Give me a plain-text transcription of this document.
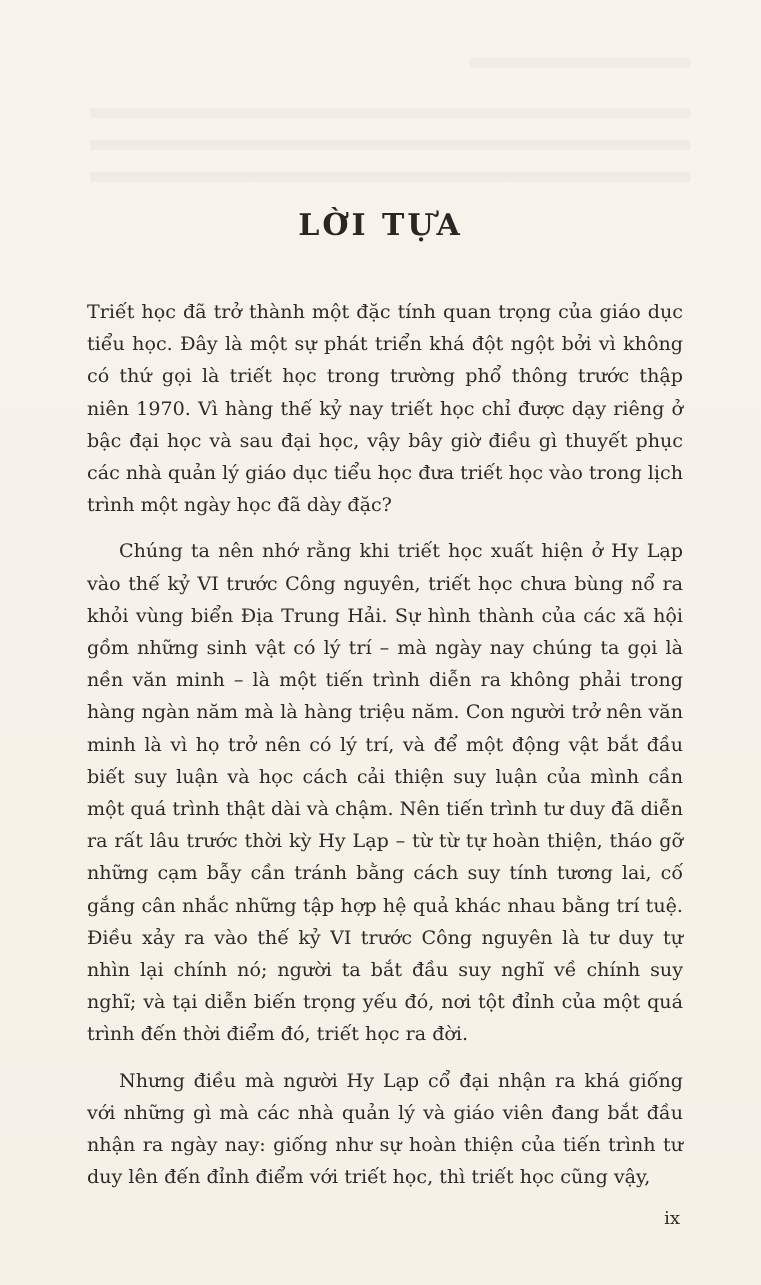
LỜI TỰA

Triết học đã trở thành một đặc tính quan trọng của giáo dục tiểu học. Đây là một sự phát triển khá đột ngột bởi vì không có thứ gọi là triết học trong trường phổ thông trước thập niên 1970. Vì hàng thế kỷ nay triết học chỉ được dạy riêng ở bậc đại học và sau đại học, vậy bây giờ điều gì thuyết phục các nhà quản lý giáo dục tiểu học đưa triết học vào trong lịch trình một ngày học đã dày đặc?

Chúng ta nên nhớ rằng khi triết học xuất hiện ở Hy Lạp vào thế kỷ VI trước Công nguyên, triết học chưa bùng nổ ra khỏi vùng biển Địa Trung Hải. Sự hình thành của các xã hội gồm những sinh vật có lý trí – mà ngày nay chúng ta gọi là nền văn minh – là một tiến trình diễn ra không phải trong hàng ngàn năm mà là hàng triệu năm. Con người trở nên văn minh là vì họ trở nên có lý trí, và để một động vật bắt đầu biết suy luận và học cách cải thiện suy luận của mình cần một quá trình thật dài và chậm. Nên tiến trình tư duy đã diễn ra rất lâu trước thời kỳ Hy Lạp – từ từ tự hoàn thiện, tháo gỡ những cạm bẫy cần tránh bằng cách suy tính tương lai, cố gắng cân nhắc những tập hợp hệ quả khác nhau bằng trí tuệ. Điều xảy ra vào thế kỷ VI trước Công nguyên là tư duy tự nhìn lại chính nó; người ta bắt đầu suy nghĩ về chính suy nghĩ; và tại diễn biến trọng yếu đó, nơi tột đỉnh của một quá trình đến thời điểm đó, triết học ra đời.

Nhưng điều mà người Hy Lạp cổ đại nhận ra khá giống với những gì mà các nhà quản lý và giáo viên đang bắt đầu nhận ra ngày nay: giống như sự hoàn thiện của tiến trình tư duy lên đến đỉnh điểm với triết học, thì triết học cũng vậy,

ix
